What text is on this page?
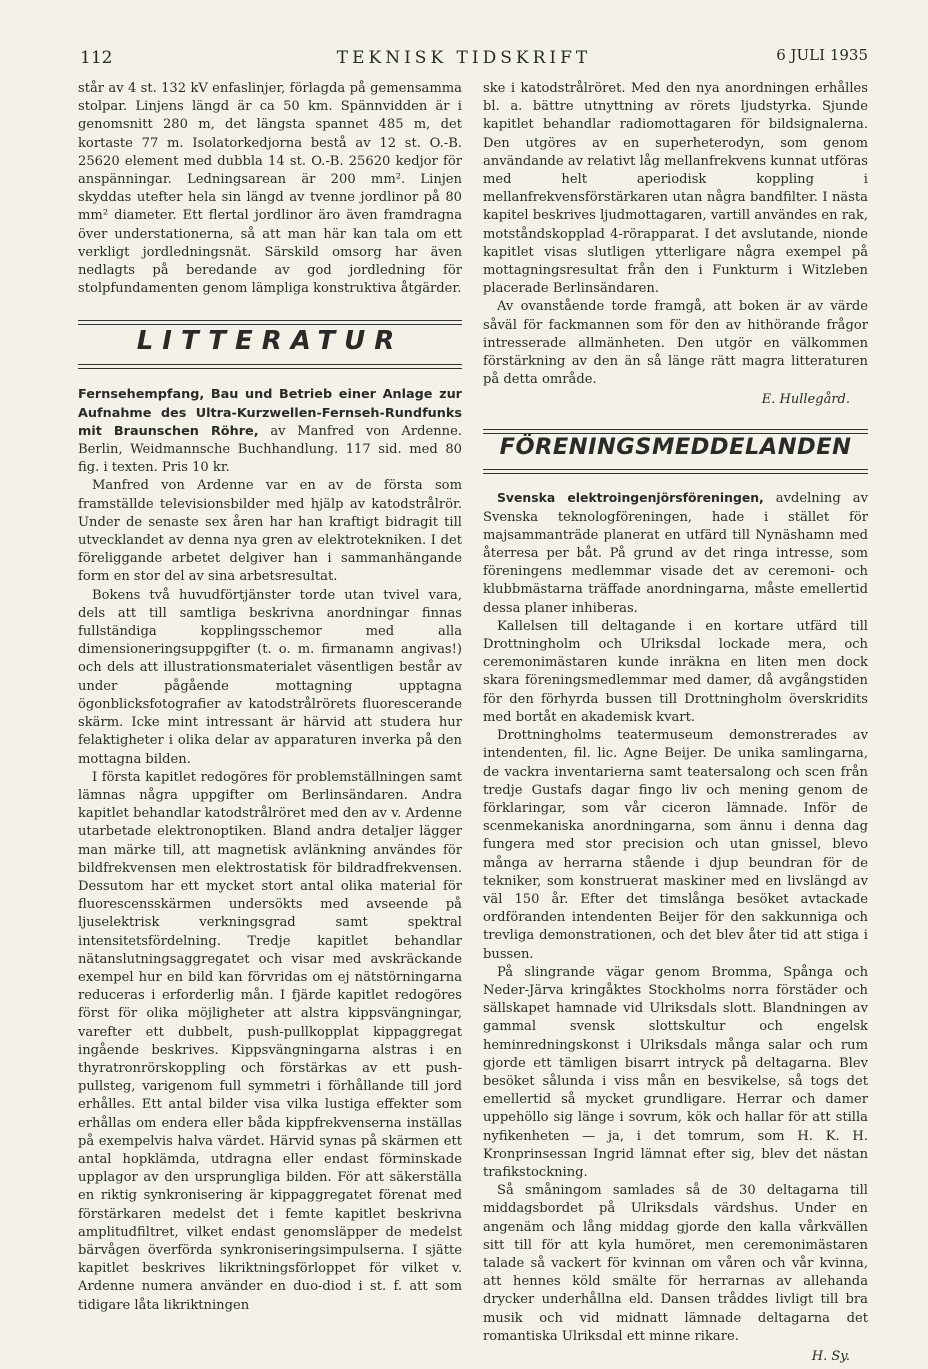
112	TEKNISK TIDSKRIFT	6 JULI 1935

står av 4 st. 132 kV enfaslinjer, förlagda på gemensamma stolpar. Linjens längd är ca 50 km. Spännvidden är i genomsnitt 280 m, det längsta spannet 485 m, det kortaste 77 m. Isolatorkedjorna bestå av 12 st. O.-B. 25620 element med dubbla 14 st. O.-B. 25620 kedjor för anspänningar. Ledningsarean är 200 mm². Linjen skyddas utefter hela sin längd av tvenne jordlinor på 80 mm² diameter. Ett flertal jordlinor äro även framdragna över understationerna, så att man här kan tala om ett verkligt jordledningsnät. Särskild omsorg har även nedlagts på beredande av god jordledning för stolpfundamenten genom lämpliga konstruktiva åtgärder.

LITTERATUR

Fernsehempfang, Bau und Betrieb einer Anlage zur Aufnahme des Ultra-Kurzwellen-Fernseh-Rundfunks mit Braunschen Röhre, av Manfred von Ardenne. Berlin, Weidmannsche Buchhandlung. 117 sid. med 80 fig. i texten. Pris 10 kr.

Manfred von Ardenne var en av de första som framställde televisionsbilder med hjälp av katodstrålrör. Under de senaste sex åren har han kraftigt bidragit till utvecklandet av denna nya gren av elektrotekniken. I det föreliggande arbetet delgiver han i sammanhängande form en stor del av sina arbetsresultat.

Bokens två huvudförtjänster torde utan tvivel vara, dels att till samtliga beskrivna anordningar finnas fullständiga kopplingsschemor med alla dimensioneringsuppgifter (t. o. m. firmanamn angivas!) och dels att illustrationsmaterialet väsentligen består av under pågående mottagning upptagna ögonblicksfotografier av katodstrålrörets fluorescerande skärm. Icke mint intressant är härvid att studera hur felaktigheter i olika delar av apparaturen inverka på den mottagna bilden.

I första kapitlet redogöres för problemställningen samt lämnas några uppgifter om Berlinsändaren. Andra kapitlet behandlar katodstrålröret med den av v. Ardenne utarbetade elektronoptiken. Bland andra detaljer lägger man märke till, att magnetisk avlänkning användes för bildfrekvensen men elektrostatisk för bildradfrekvensen. Dessutom har ett mycket stort antal olika material för fluorescensskärmen undersökts med avseende på ljuselektrisk verkningsgrad samt spektral intensitetsfördelning. Tredje kapitlet behandlar nätanslutningsaggregatet och visar med avskräckande exempel hur en bild kan förvridas om ej nätstörningarna reduceras i erforderlig mån. I fjärde kapitlet redogöres först för olika möjligheter att alstra kippsvängningar, varefter ett dubbelt, push-pullkopplat kippaggregat ingående beskrives. Kippsvängningarna alstras i en thyratronrörskoppling och förstärkas av ett push-pullsteg, varigenom full symmetri i förhållande till jord erhålles. Ett antal bilder visa vilka lustiga effekter som erhållas om endera eller båda kippfrekvenserna inställas på exempelvis halva värdet. Härvid synas på skärmen ett antal hopklämda, utdragna eller endast förminskade upplagor av den ursprungliga bilden. För att säkerställa en riktig synkronisering är kippaggregatet förenat med förstärkaren medelst det i femte kapitlet beskrivna amplitudfiltret, vilket endast genomsläpper de medelst bärvågen överförda synkroniseringsimpulserna. I sjätte kapitlet beskrives likriktningsförloppet för vilket v. Ardenne numera använder en duo-diod i st. f. att som tidigare låta likriktningen

ske i katodstrålröret. Med den nya anordningen erhålles bl. a. bättre utnyttning av rörets ljudstyrka. Sjunde kapitlet behandlar radiomottagaren för bildsignalerna. Den utgöres av en superheterodyn, som genom användande av relativt låg mellanfrekvens kunnat utföras med helt aperiodisk koppling i mellanfrekvensförstärkaren utan några bandfilter. I nästa kapitel beskrives ljudmottagaren, vartill användes en rak, motståndskopplad 4-rörapparat. I det avslutande, nionde kapitlet visas slutligen ytterligare några exempel på mottagningsresultat från den i Funkturm i Witzleben placerade Berlinsändaren.

Av ovanstående torde framgå, att boken är av värde såväl för fackmannen som för den av hithörande frågor intresserade allmänheten. Den utgör en välkommen förstärkning av den än så länge rätt magra litteraturen på detta område.

E. Hullegård.
FÖRENINGSMEDDELANDEN

Svenska elektroingenjörsföreningen, avdelning av Svenska teknologföreningen, hade i stället för majsammanträde planerat en utfärd till Nynäshamn med återresa per båt. På grund av det ringa intresse, som föreningens medlemmar visade det av ceremoni- och klubbmästarna träffade anordningarna, måste emellertid dessa planer inhiberas.

Kallelsen till deltagande i en kortare utfärd till Drottningholm och Ulriksdal lockade mera, och ceremonimästaren kunde inräkna en liten men dock skara föreningsmedlemmar med damer, då avgångstiden för den förhyrda bussen till Drottningholm överskridits med bortåt en akademisk kvart.

Drottningholms teatermuseum demonstrerades av intendenten, fil. lic. Agne Beijer. De unika samlingarna, de vackra inventarierna samt teatersalong och scen från tredje Gustafs dagar fingo liv och mening genom de förklaringar, som vår ciceron lämnade. Inför de scenmekaniska anordningarna, som ännu i denna dag fungera med stor precision och utan gnissel, blevo många av herrarna stående i djup beundran för de tekniker, som konstruerat maskiner med en livslängd av väl 150 år. Efter det timslånga besöket avtackade ordföranden intendenten Beijer för den sakkunniga och trevliga demonstrationen, och det blev åter tid att stiga i bussen.

På slingrande vägar genom Bromma, Spånga och Neder-Järva kringåktes Stockholms norra förstäder och sällskapet hamnade vid Ulriksdals slott. Blandningen av gammal svensk slottskultur och engelsk heminredningskonst i Ulriksdals många salar och rum gjorde ett tämligen bisarrt intryck på deltagarna. Blev besöket sålunda i viss mån en besvikelse, så togs det emellertid så mycket grundligare. Herrar och damer uppehöllo sig länge i sovrum, kök och hallar för att stilla nyfikenheten — ja, i det tomrum, som H. K. H. Kronprinsessan Ingrid lämnat efter sig, blev det nästan trafikstockning.

Så småningom samlades så de 30 deltagarna till middagsbordet på Ulriksdals värdshus. Under en angenäm och lång middag gjorde den kalla vårkvällen sitt till för att kyla humöret, men ceremonimästaren talade så vackert för kvinnan om våren och vår kvinna, att hennes köld smälte för herrarnas av allehanda drycker underhållna eld. Dansen tråddes livligt till bra musik och vid midnatt lämnade deltagarna det romantiska Ulriksdal ett minne rikare.

H. Sy.
